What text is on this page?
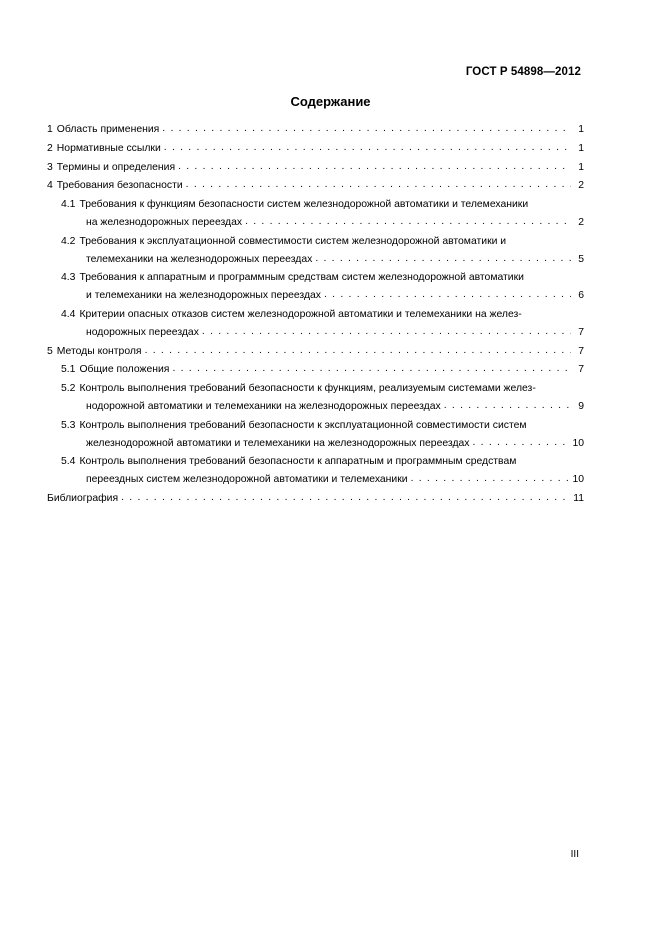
ГОСТ Р 54898—2012
Содержание
1 Область применения . . .	1
2 Нормативные ссылки . . .	1
3 Термины и определения . . .	1
4 Требования безопасности . . .	2
4.1 Требования к функциям безопасности систем железнодорожной автоматики и телемеханики
на железнодорожных переездах . . .	2
4.2 Требования к эксплуатационной совместимости систем железнодорожной автоматики и
телемеханики на железнодорожных переездах . . .	5
4.3 Требования к аппаратным и программным средствам систем железнодорожной автоматики
и телемеханики на железнодорожных переездах . . .	6
4.4 Критерии опасных отказов систем железнодорожной автоматики и телемеханики на желез-
нодорожных переездах . . .	7
5 Методы контроля . . .	7
5.1 Общие положения . . .	7
5.2 Контроль выполнения требований безопасности к функциям, реализуемым системами желез-
нодорожной автоматики и телемеханики на железнодорожных переездах . . .	9
5.3 Контроль выполнения требований безопасности к эксплуатационной совместимости систем
железнодорожной автоматики и телемеханики на железнодорожных переездах . . .	10
5.4 Контроль выполнения требований безопасности к аппаратным и программным средствам
переездных систем железнодорожной автоматики и телемеханики . . .	10
Библиография . . .	11
III
